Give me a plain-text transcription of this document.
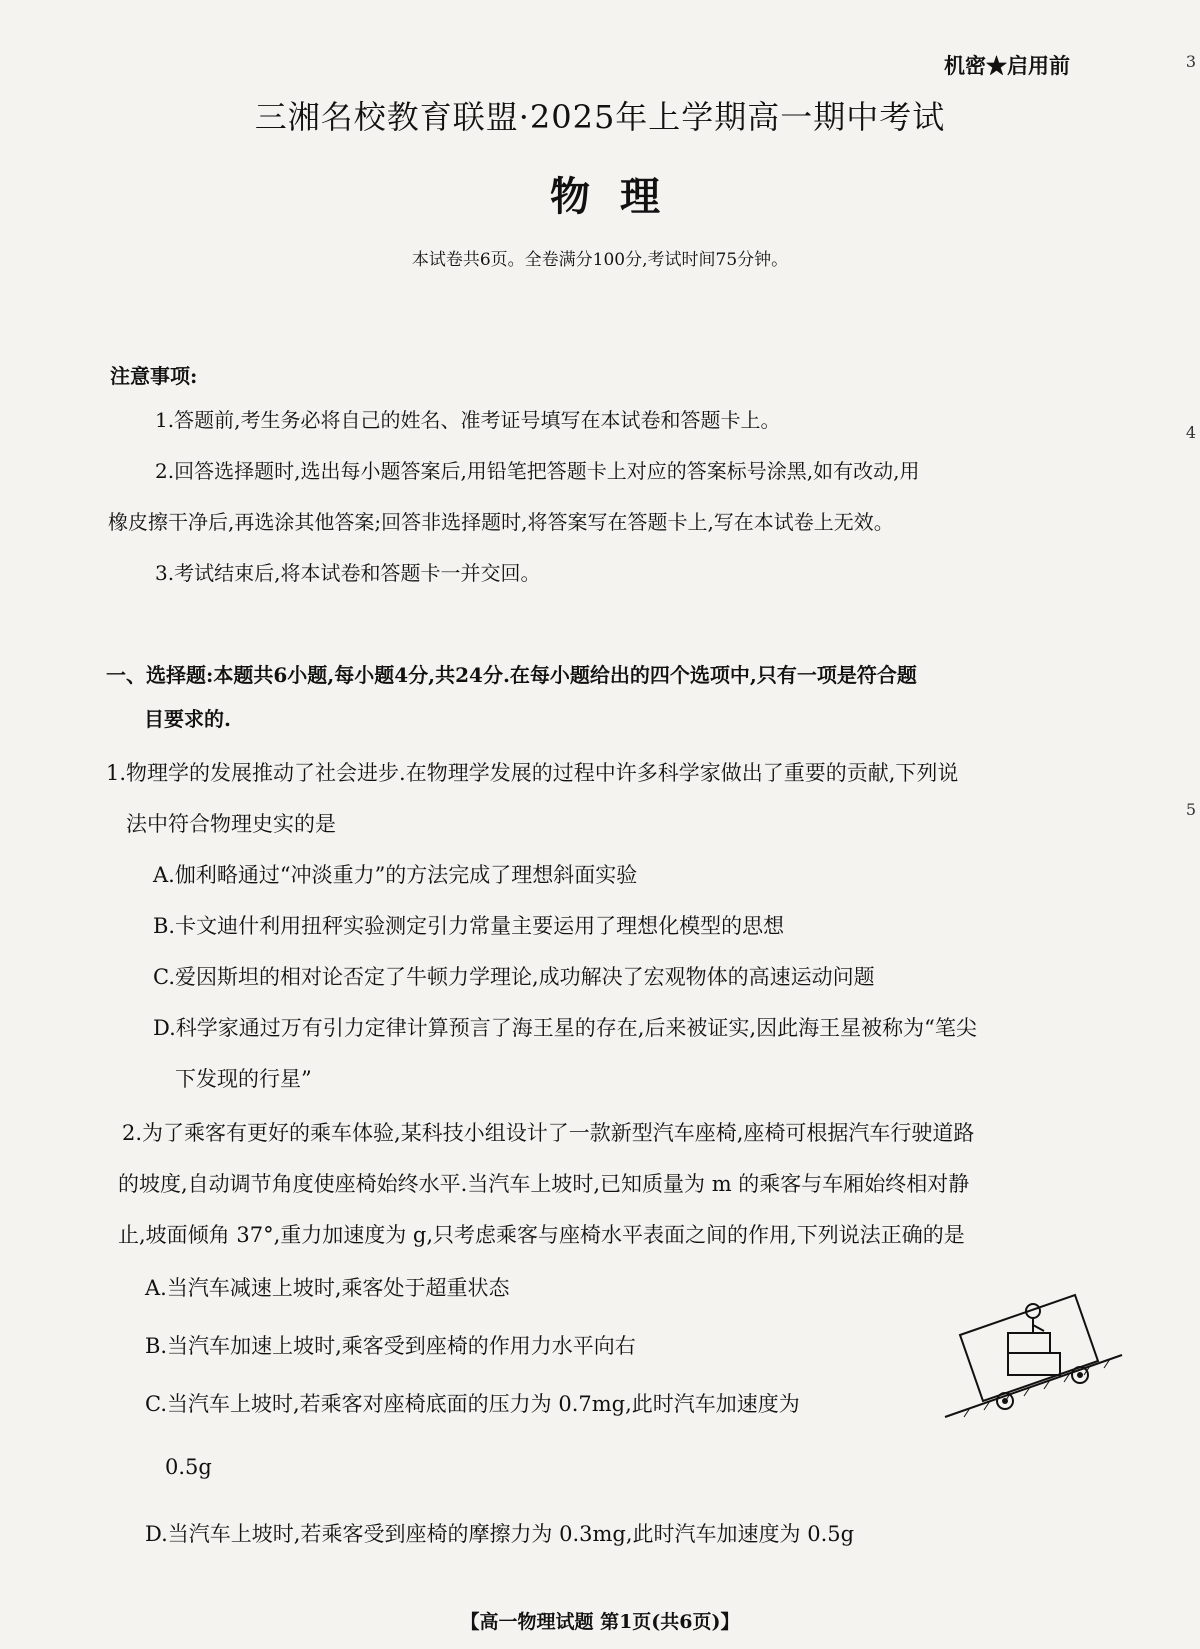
机密★启用前	3
4
5
三湘名校教育联盟·2025年上学期高一期中考试
物理
本试卷共6页。全卷满分100分,考试时间75分钟。
注意事项:
1.答题前,考生务必将自己的姓名、准考证号填写在本试卷和答题卡上。
2.回答选择题时,选出每小题答案后,用铅笔把答题卡上对应的答案标号涂黑,如有改动,用
橡皮擦干净后,再选涂其他答案;回答非选择题时,将答案写在答题卡上,写在本试卷上无效。
3.考试结束后,将本试卷和答题卡一并交回。
一、选择题:本题共6小题,每小题4分,共24分.在每小题给出的四个选项中,只有一项是符合题
目要求的.
1.物理学的发展推动了社会进步.在物理学发展的过程中许多科学家做出了重要的贡献,下列说
法中符合物理史实的是
A.伽利略通过“冲淡重力”的方法完成了理想斜面实验
B.卡文迪什利用扭秤实验测定引力常量主要运用了理想化模型的思想
C.爱因斯坦的相对论否定了牛顿力学理论,成功解决了宏观物体的高速运动问题
D.科学家通过万有引力定律计算预言了海王星的存在,后来被证实,因此海王星被称为“笔尖
下发现的行星”
2.为了乘客有更好的乘车体验,某科技小组设计了一款新型汽车座椅,座椅可根据汽车行驶道路
的坡度,自动调节角度使座椅始终水平.当汽车上坡时,已知质量为 m 的乘客与车厢始终相对静
止,坡面倾角 37°,重力加速度为 g,只考虑乘客与座椅水平表面之间的作用,下列说法正确的是
A.当汽车减速上坡时,乘客处于超重状态
B.当汽车加速上坡时,乘客受到座椅的作用力水平向右
C.当汽车上坡时,若乘客对座椅底面的压力为 0.7mg,此时汽车加速度为
0.5g
D.当汽车上坡时,若乘客受到座椅的摩擦力为 0.3mg,此时汽车加速度为 0.5g
【高一物理试题 第1页(共6页)】
